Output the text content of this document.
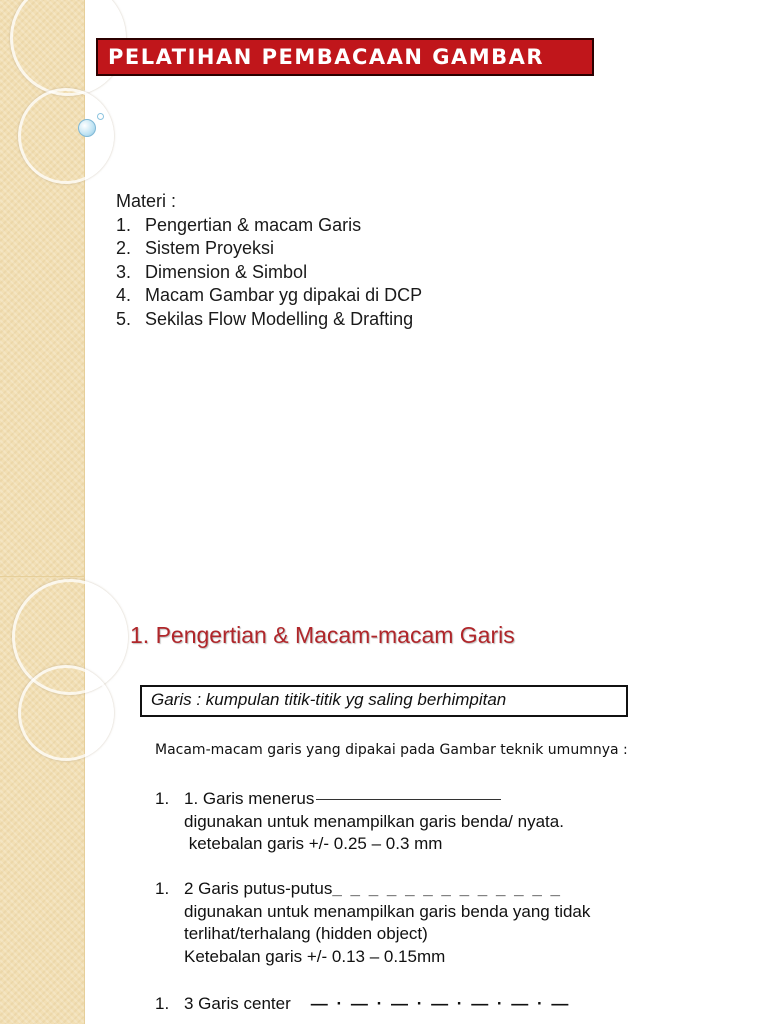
PELATIHAN PEMBACAAN GAMBAR
Materi :
1. Pengertian & macam Garis
2. Sistem Proyeksi
3. Dimension & Simbol
4. Macam Gambar yg dipakai di DCP
5. Sekilas Flow Modelling & Drafting
1. Pengertian & Macam-macam Garis
Garis : kumpulan titik-titik yg saling berhimpitan
Macam-macam garis yang dipakai pada Gambar teknik umumnya :
1. 1. Garis menerus
digunakan untuk menampilkan garis benda/ nyata.
ketebalan garis +/- 0.25 – 0.3 mm
1. 2 Garis putus-putus_ _ _ _ _ _ _ _ _ _ _ _ _
digunakan untuk menampilkan garis benda yang tidak
terlihat/terhalang (hidden object)
Ketebalan garis +/- 0.13 – 0.15mm
1. 3 Garis center — · — · — · — · — · — · —
